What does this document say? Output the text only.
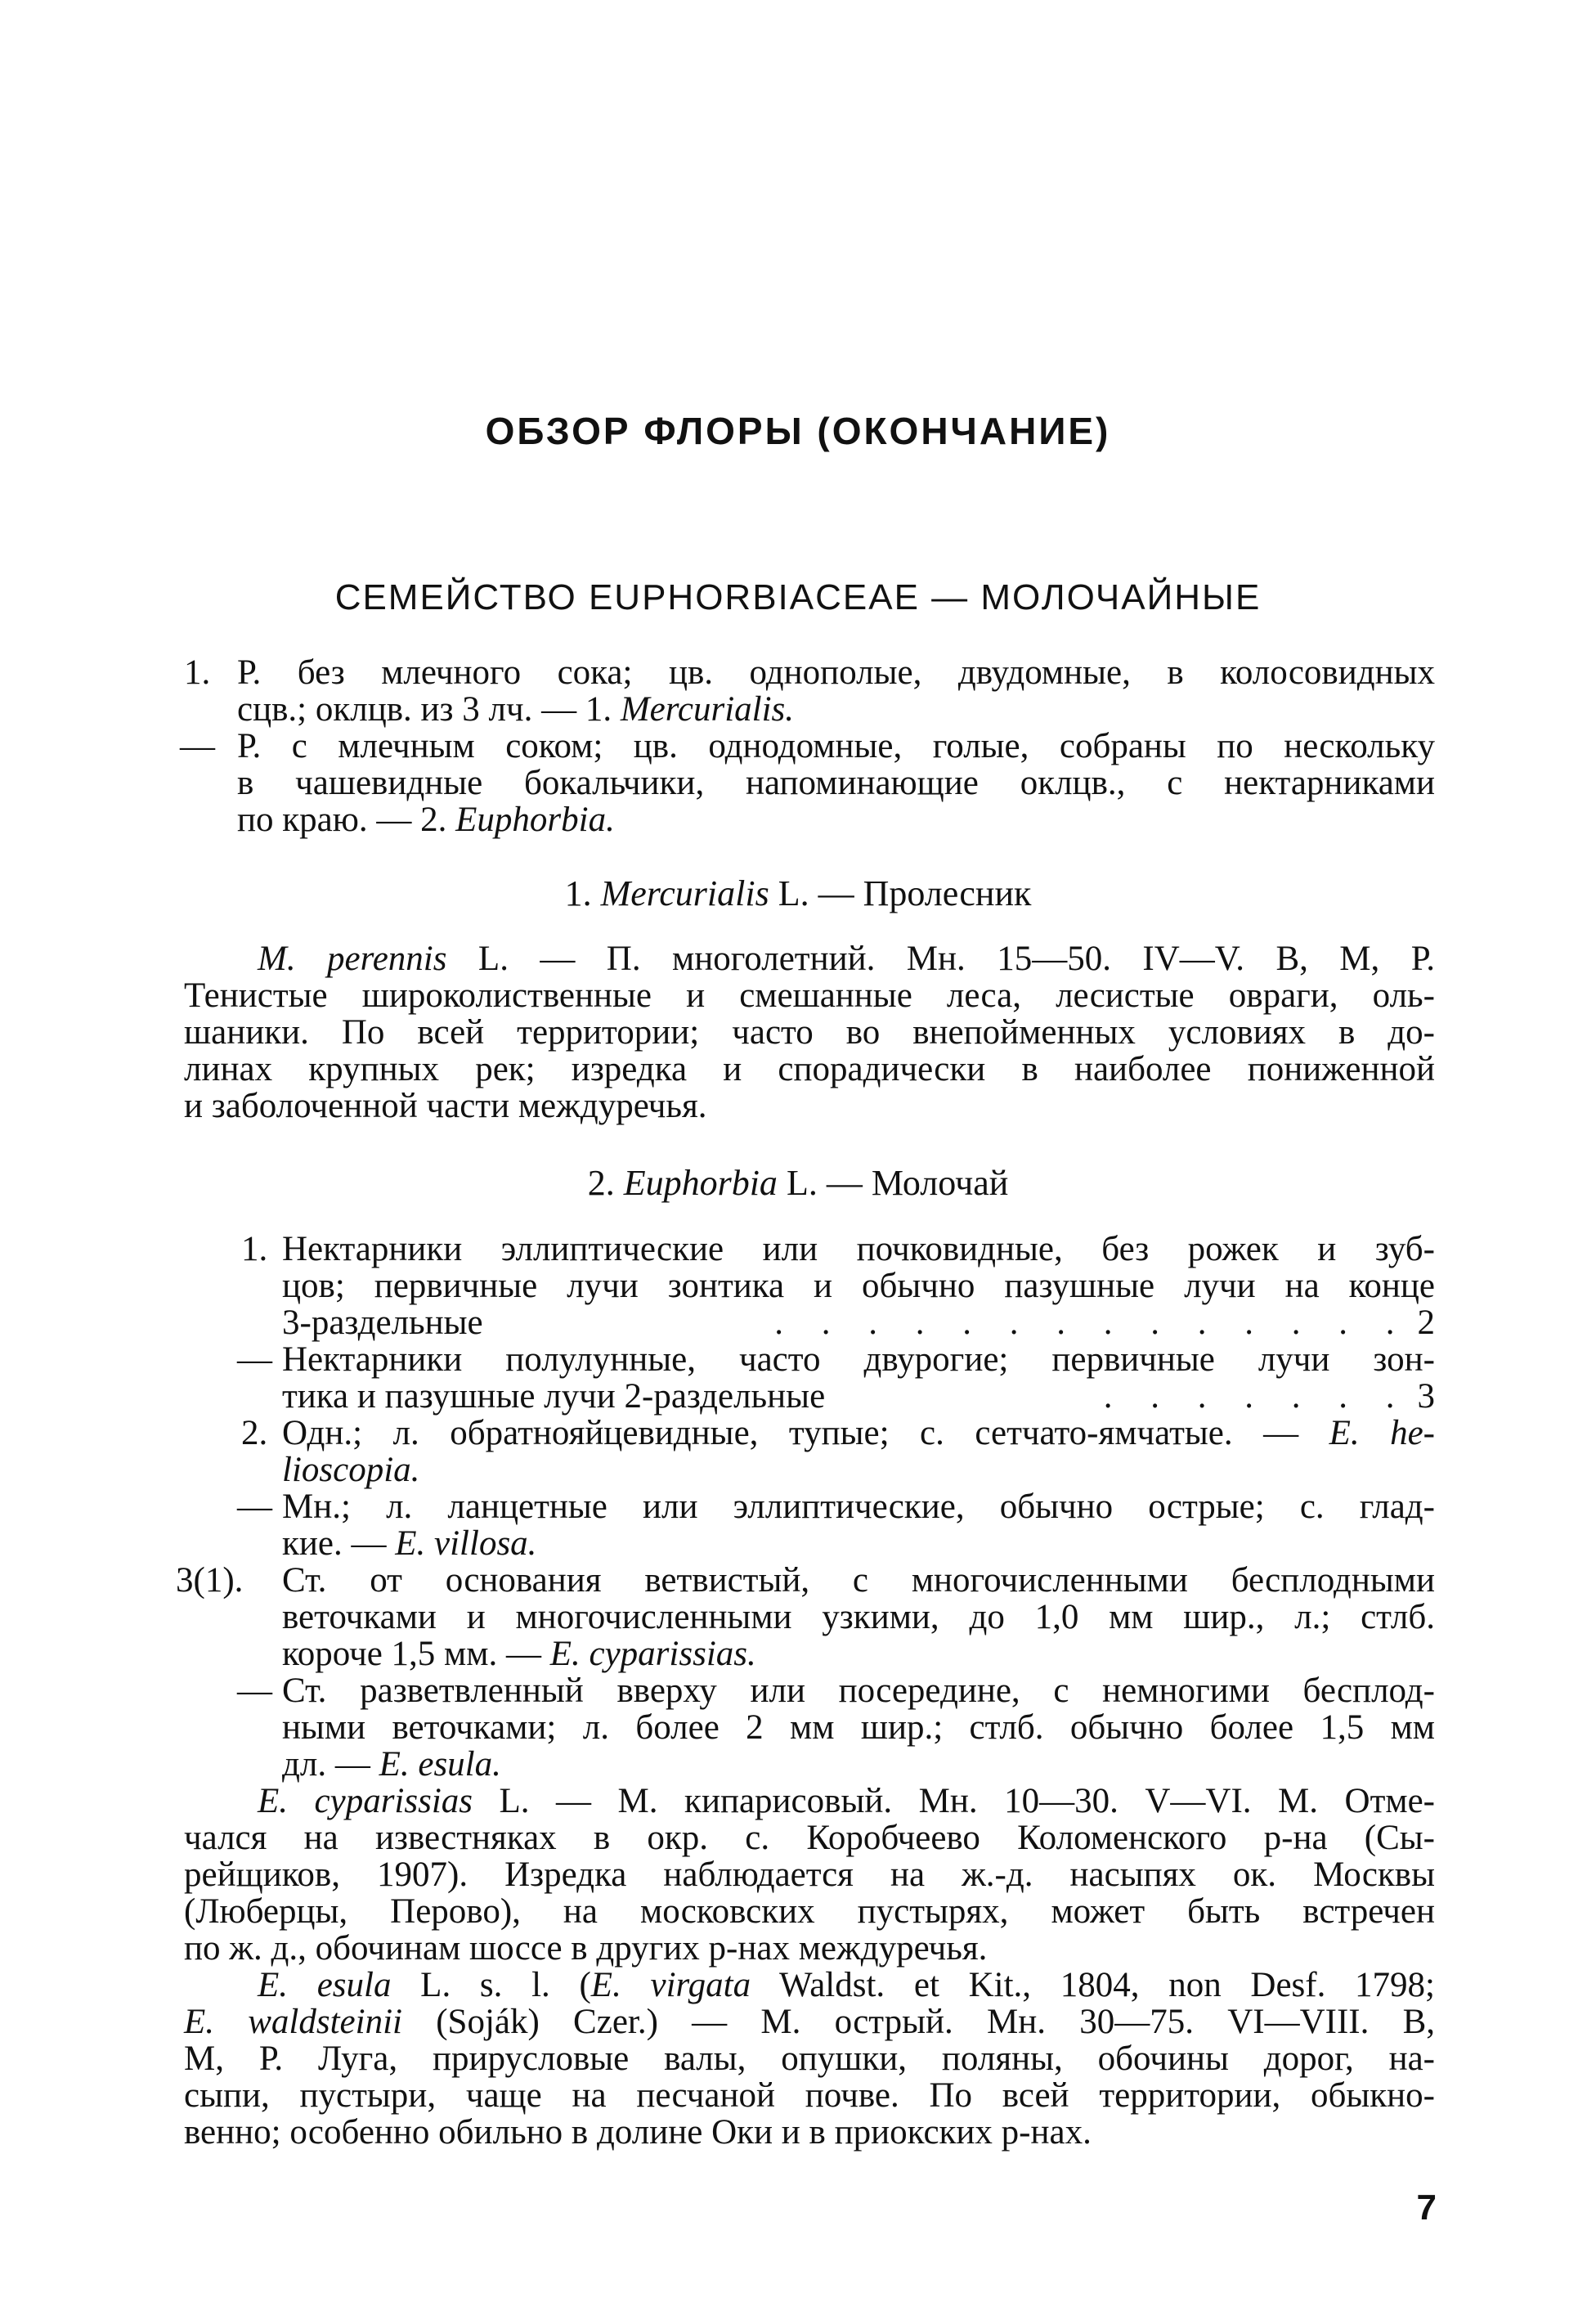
ОБЗОР ФЛОРЫ (ОКОНЧАНИЕ)
СЕМЕЙСТВО EUPHORBIACEAE — МОЛОЧАЙНЫЕ
1. Р. без млечного сока; цв. однополые, двудомные, в колосовидных
сцв.; оклцв. из 3 лч. — 1. Mercurialis.
— Р. с млечным соком; цв. однодомные, голые, собраны по нескольку
в чашевидные бокальчики, напоминающие оклцв., с нектарниками
по краю. — 2. Euphorbia.
1. Mercurialis L. — Пролесник
M. perennis L. — П. многолетний. Мн. 15—50. IV—V. В, М, Р.
Тенистые широколиственные и смешанные леса, лесистые овраги, оль-
шаники. По всей территории; часто во внепойменных условиях в до-
линах крупных рек; изредка и спорадически в наиболее пониженной
и заболоченной части междуречья.
2. Euphorbia L. — Молочай
1. Нектарники эллиптические или почковидные, без рожек и зуб-
цов; первичные лучи зонтика и обычно пазушные лучи на конце
3-раздельные	. . . . . . . . . . . . . . 2
— Нектарники полулунные, часто двурогие; первичные лучи зон-
тика и пазушные лучи 2-раздельные	. . . . . . . 3
2. Одн.; л. обратнояйцевидные, тупые; с. сетчато-ямчатые. — E. he-
lioscopia.
— Мн.; л. ланцетные или эллиптические, обычно острые; с. глад-
кие. — E. villosa.
3(1).	Ст. от основания ветвистый, с многочисленными бесплодными
веточками и многочисленными узкими, до 1,0 мм шир., л.; стлб.
короче 1,5 мм. — E. cyparissias.
— Ст. разветвленный вверху или посередине, с немногими бесплод-
ными веточками; л. более 2 мм шир.; стлб. обычно более 1,5 мм
дл. — E. esula.
E. cyparissias L. — М. кипарисовый. Мн. 10—30. V—VI. М. Отме-
чался на известняках в окр. с. Коробчеево Коломенского р-на (Сы-
рейщиков, 1907). Изредка наблюдается на ж.-д. насыпях ок. Москвы
(Люберцы, Перово), на московских пустырях, может быть встречен
по ж. д., обочинам шоссе в других р-нах междуречья.
E. esula L. s. l. (E. virgata Waldst. et Kit., 1804, non Desf. 1798;
E. waldsteinii (Soják) Czer.) — М. острый. Мн. 30—75. VI—VIII. В,
М, Р. Луга, прирусловые валы, опушки, поляны, обочины дорог, на-
сыпи, пустыри, чаще на песчаной почве. По всей территории, обыкно-
венно; особенно обильно в долине Оки и в приокских р-нах.
7
